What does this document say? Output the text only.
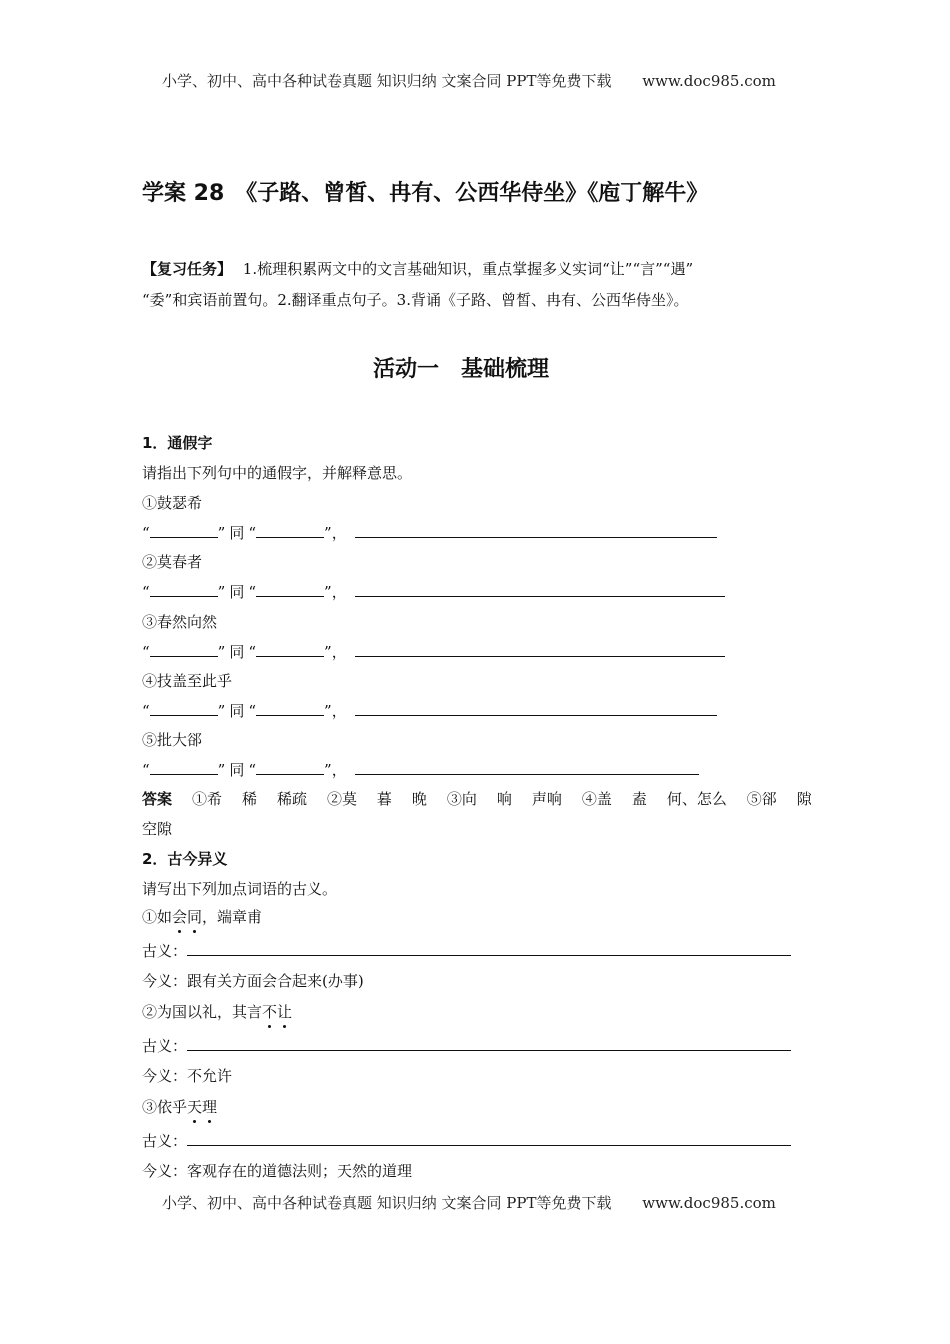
小学、初中、高中各种试卷真题 知识归纳 文案合同 PPT等免费下载 www.doc985.com
学案 28　《子路、曾皙、冉有、公西华侍坐》《庖丁解牛》
【复习任务】 1.梳理积累两文中的文言基础知识，重点掌握多义实词“让”“言”“遇”
“委”和宾语前置句。2.翻译重点句子。3.背诵《子路、曾皙、冉有、公西华侍坐》。
活动一　基础梳理
1．通假字
请指出下列句中的通假字，并解释意思。
①鼓瑟希
“	” 同 “	”，
②莫春者
“	” 同 “	”，
③春然向然
“	” 同 “	”，
④技盖至此乎
“	” 同 “	”，
⑤批大郤
“	” 同 “	”，
答案 ①希 稀 稀疏 ②莫 暮 晚 ③向 响 声响 ④盖 盍 何、怎么 ⑤郤 隙
空隙
2．古今异义
请写出下列加点词语的古义。
①如会同，端章甫
古义：
今义：跟有关方面会合起来(办事)
②为国以礼，其言不让
古义：
今义：不允许
③依乎天理
古义：
今义：客观存在的道德法则；天然的道理
小学、初中、高中各种试卷真题 知识归纳 文案合同 PPT等免费下载 www.doc985.com
